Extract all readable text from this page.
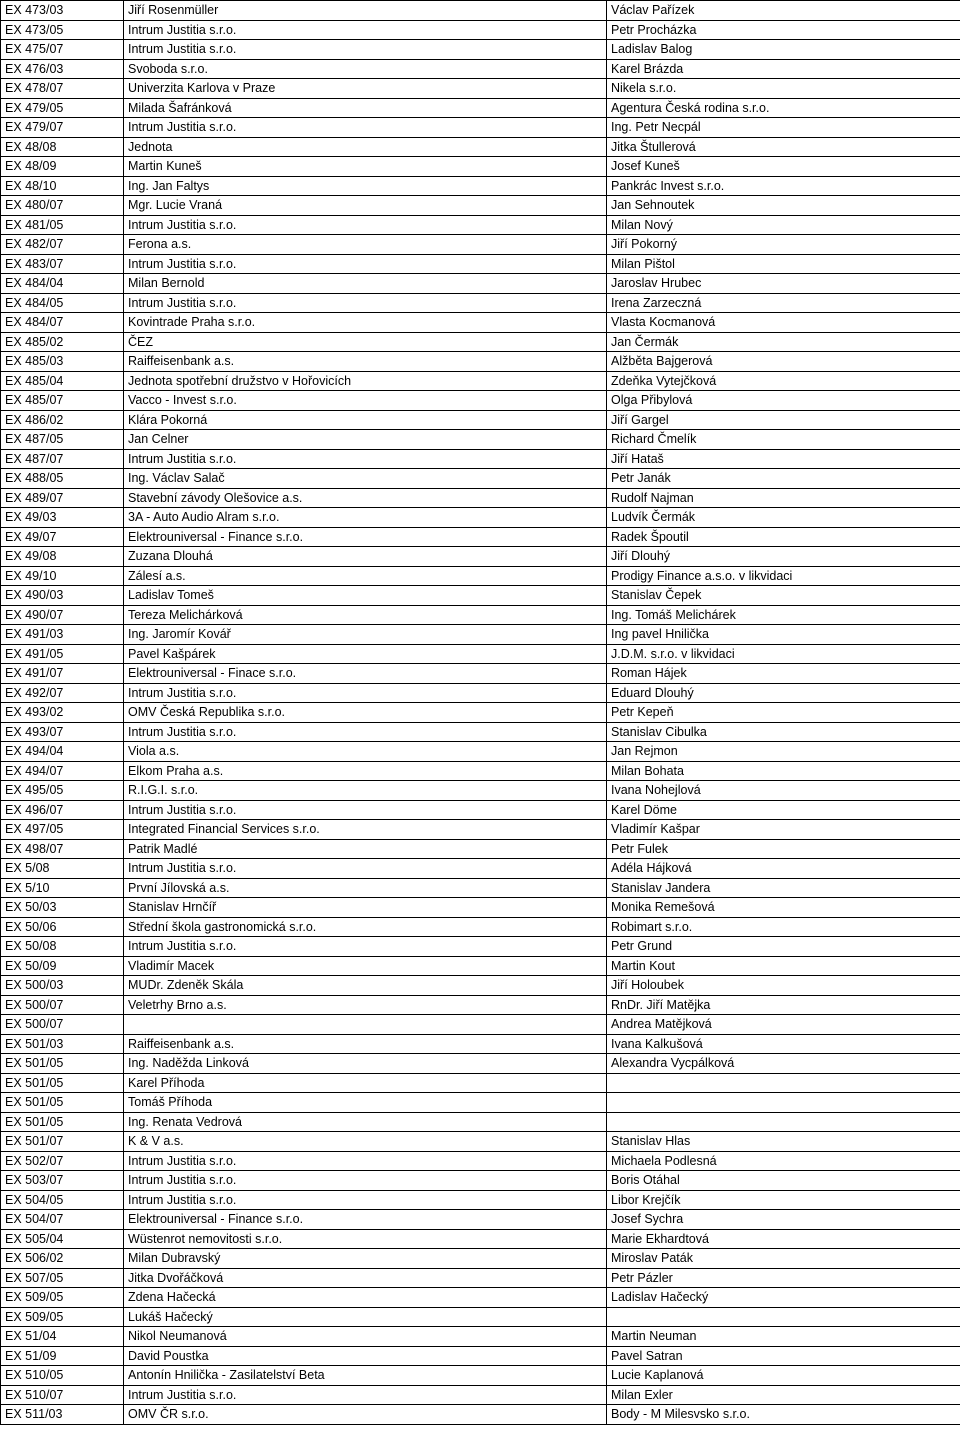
EX 473/03	Jiří Rosenmüller	Václav Pařízek
EX 473/05	Intrum Justitia s.r.o.	Petr Procházka
EX 475/07	Intrum Justitia s.r.o.	Ladislav Balog
EX 476/03	Svoboda s.r.o.	Karel Brázda
EX 478/07	Univerzita Karlova v Praze	Nikela s.r.o.
EX 479/05	Milada Šafránková	Agentura Česká rodina s.r.o.
EX 479/07	Intrum Justitia s.r.o.	Ing. Petr Necpál
EX 48/08	Jednota	Jitka Štullerová
EX 48/09	Martin Kuneš	Josef Kuneš
EX 48/10	Ing. Jan Faltys	Pankrác Invest s.r.o.
EX 480/07	Mgr. Lucie Vraná	Jan Sehnoutek
EX 481/05	Intrum Justitia s.r.o.	Milan Nový
EX 482/07	Ferona a.s.	Jiří Pokorný
EX 483/07	Intrum Justitia s.r.o.	Milan Pištol
EX 484/04	Milan Bernold	Jaroslav Hrubec
EX 484/05	Intrum Justitia s.r.o.	Irena Zarzeczná
EX 484/07	Kovintrade Praha s.r.o.	Vlasta Kocmanová
EX 485/02	ČEZ	Jan Čermák
EX 485/03	Raiffeisenbank a.s.	Alžběta Bajgerová
EX 485/04	Jednota spotřební družstvo v Hořovicích	Zdeňka Vytejčková
EX 485/07	Vacco - Invest s.r.o.	Olga Přibylová
EX 486/02	Klára Pokorná	Jiří Gargel
EX 487/05	Jan Celner	Richard Čmelík
EX 487/07	Intrum Justitia s.r.o.	Jiří Hataš
EX 488/05	Ing. Václav Salač	Petr Janák
EX 489/07	Stavební závody Olešovice a.s.	Rudolf Najman
EX 49/03	3A - Auto Audio Alram s.r.o.	Ludvík Čermák
EX 49/07	Elektrouniversal - Finance s.r.o.	Radek Špoutil
EX 49/08	Zuzana Dlouhá	Jiří Dlouhý
EX 49/10	Zálesí a.s.	Prodigy Finance a.s.o. v likvidaci
EX 490/03	Ladislav Tomeš	Stanislav Čepek
EX 490/07	Tereza Melichárková	Ing. Tomáš Melichárek
EX 491/03	Ing. Jaromír Kovář	Ing pavel Hnilička
EX 491/05	Pavel Kašpárek	J.D.M. s.r.o. v likvidaci
EX 491/07	Elektrouniversal - Finace s.r.o.	Roman Hájek
EX 492/07	Intrum Justitia s.r.o.	Eduard Dlouhý
EX 493/02	OMV Česká Republika s.r.o.	Petr Kepeň
EX 493/07	Intrum Justitia s.r.o.	Stanislav Cibulka
EX 494/04	Viola a.s.	Jan Rejmon
EX 494/07	Elkom Praha a.s.	Milan Bohata
EX 495/05	R.I.G.I. s.r.o.	Ivana Nohejlová
EX 496/07	Intrum Justitia s.r.o.	Karel Döme
EX 497/05	Integrated Financial Services s.r.o.	Vladimír Kašpar
EX 498/07	Patrik Madlé	Petr Fulek
EX 5/08	Intrum Justitia s.r.o.	Adéla Hájková
EX 5/10	První Jílovská a.s.	Stanislav Jandera
EX 50/03	Stanislav Hrnčíř	Monika Remešová
EX 50/06	Střední škola gastronomická s.r.o.	Robimart s.r.o.
EX 50/08	Intrum Justitia s.r.o.	Petr Grund
EX 50/09	Vladimír Macek	Martin Kout
EX 500/03	MUDr. Zdeněk Skála	Jiří Holoubek
EX 500/07	Veletrhy Brno a.s.	RnDr. Jiří Matějka
EX 500/07		Andrea Matějková
EX 501/03	Raiffeisenbank a.s.	Ivana Kalkušová
EX 501/05	Ing. Naděžda Linková	Alexandra Vycpálková
EX 501/05	Karel Příhoda	
EX 501/05	Tomáš Příhoda	
EX 501/05	Ing. Renata Vedrová	
EX 501/07	K & V a.s.	Stanislav Hlas
EX 502/07	Intrum Justitia s.r.o.	Michaela Podlesná
EX 503/07	Intrum Justitia s.r.o.	Boris Otáhal
EX 504/05	Intrum Justitia s.r.o.	Libor Krejčík
EX 504/07	Elektrouniversal - Finance s.r.o.	Josef Sychra
EX 505/04	Wüstenrot nemovitosti s.r.o.	Marie Ekhardtová
EX 506/02	Milan Dubravský	Miroslav Paták
EX 507/05	Jitka Dvořáčková	Petr Pázler
EX 509/05	Zdena Hačecká	Ladislav Hačecký
EX 509/05	Lukáš Hačecký	
EX 51/04	Nikol Neumanová	Martin Neuman
EX 51/09	David Poustka	Pavel Satran
EX 510/05	Antonín Hnilička - Zasilatelství Beta	Lucie Kaplanová
EX 510/07	Intrum Justitia s.r.o.	Milan Exler
EX 511/03	OMV ČR s.r.o.	Body - M Milesvsko s.r.o.
